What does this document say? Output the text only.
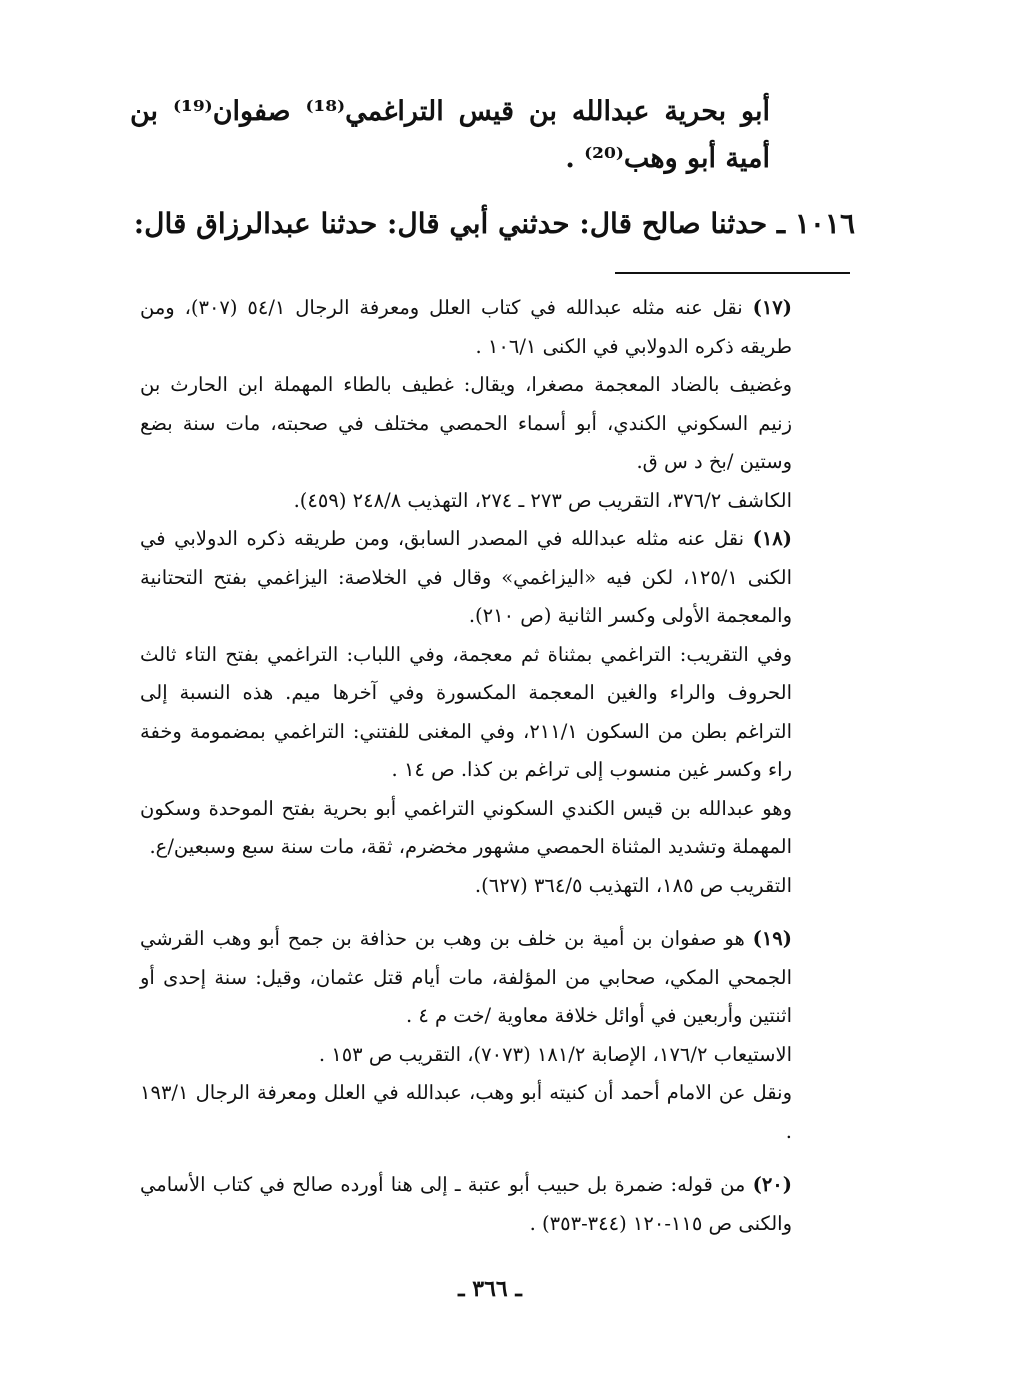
أبو بحرية عبدالله بن قيس التراغمي⁽¹⁸⁾ صفوان⁽¹⁹⁾ بن أمية أبو وهب⁽²⁰⁾ .
١٠١٦ ـ حدثنا صالح قال: حدثني أبي قال: حدثنا عبدالرزاق قال:

(١٧) نقل عنه مثله عبدالله في كتاب العلل ومعرفة الرجال ٥٤/١ (٣٠٧)، ومن طريقه ذكره الدولابي في الكنى ١٠٦/١ .

وغضيف بالضاد المعجمة مصغرا، ويقال: غطيف بالطاء المهملة ابن الحارث بن زنيم السكوني الكندي، أبو أسماء الحمصي مختلف في صحبته، مات سنة بضع وستين /بخ د س ق.

الكاشف ٣٧٦/٢، التقريب ص ٢٧٣ ـ ٢٧٤، التهذيب ٢٤٨/٨ (٤٥٩).

(١٨) نقل عنه مثله عبدالله في المصدر السابق، ومن طريقه ذكره الدولابي في الكنى ١٢٥/١، لكن فيه «اليزاغمي» وقال في الخلاصة: اليزاغمي بفتح التحتانية والمعجمة الأولى وكسر الثانية (ص ٢١٠).

وفي التقريب: التراغمي بمثناة ثم معجمة، وفي اللباب: التراغمي بفتح التاء ثالث الحروف والراء والغين المعجمة المكسورة وفي آخرها ميم. هذه النسبة إلى التراغم بطن من السكون ٢١١/١، وفي المغنى للفتني: التراغمي بمضمومة وخفة راء وكسر غين منسوب إلى تراغم بن كذا. ص ١٤ .

وهو عبدالله بن قيس الكندي السكوني التراغمي أبو بحرية بفتح الموحدة وسكون المهملة وتشديد المثناة الحمصي مشهور مخضرم، ثقة، مات سنة سبع وسبعين/ع.

التقريب ص ١٨٥، التهذيب ٣٦٤/٥ (٦٢٧).

(١٩) هو صفوان بن أمية بن خلف بن وهب بن حذافة بن جمح أبو وهب القرشي الجمحي المكي، صحابي من المؤلفة، مات أيام قتل عثمان، وقيل: سنة إحدى أو اثنتين وأربعين في أوائل خلافة معاوية /خت م ٤ .

الاستيعاب ١٧٦/٢، الإصابة ١٨١/٢ (٧٠٧٣)، التقريب ص ١٥٣ .

ونقل عن الامام أحمد أن كنيته أبو وهب، عبدالله في العلل ومعرفة الرجال ١٩٣/١ .

(٢٠) من قوله: ضمرة بل حبيب أبو عتبة ـ إلى هنا أورده صالح في كتاب الأسامي والكنى ص ١١٥-١٢٠ (٣٤٤-٣٥٣) .

ـ ٣٦٦ ـ
